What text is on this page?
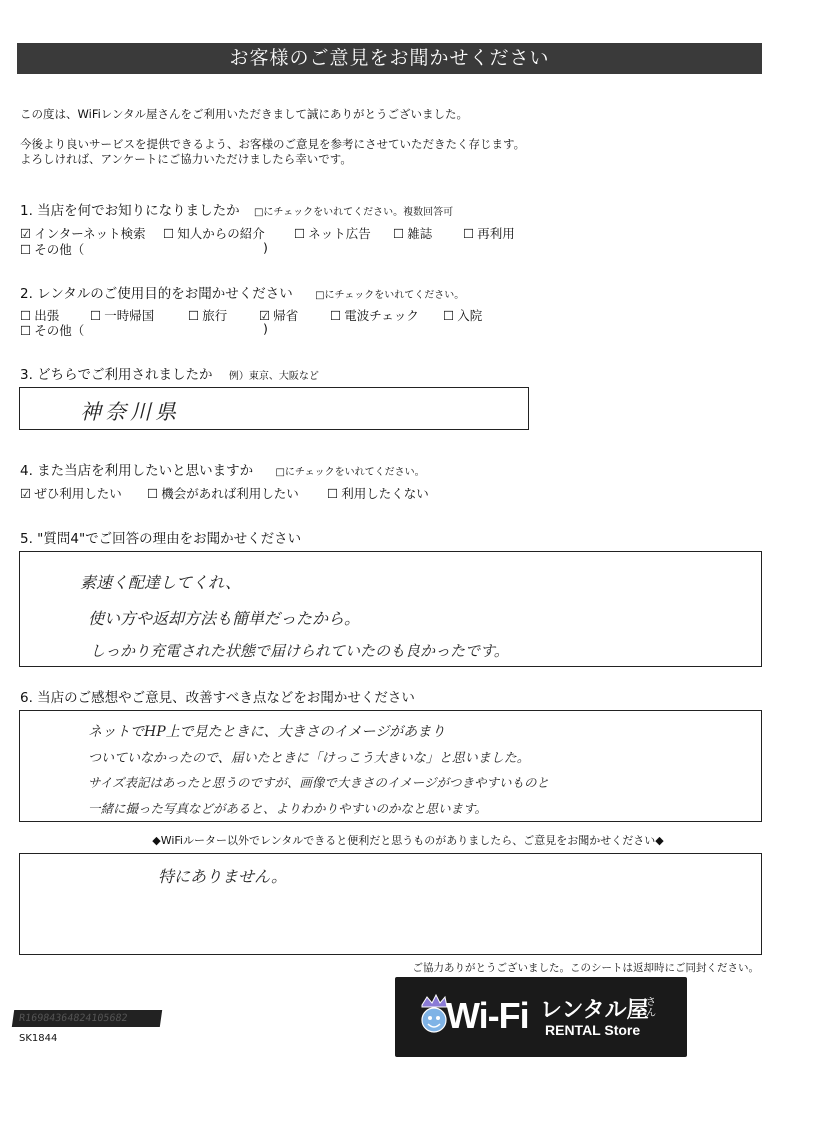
お客様のご意見をお聞かせください
この度は、WiFiレンタル屋さんをご利用いただきまして誠にありがとうございました。
今後より良いサービスを提供できるよう、お客様のご意見を参考にさせていただきたく存じます。
よろしければ、アンケートにご協力いただけましたら幸いです。
1. 当店を何でお知りになりましたか □にチェックをいれてください。複数回答可
☑ インターネット検索	☐ 知人からの紹介	☐ ネット広告	☐ 雑誌	☐ 再利用
☐ その他（	)
2. レンタルのご使用目的をお聞かせください □にチェックをいれてください。
☐ 出張	☐ 一時帰国	☐ 旅行	☑ 帰省	☐ 電波チェック	☐ 入院
☐ その他（	)
3. どちらでご利用されましたか 例）東京、大阪など
神奈川県
4. また当店を利用したいと思いますか □にチェックをいれてください。
☑ ぜひ利用したい	☐ 機会があれば利用したい	☐ 利用したくない
5. "質問4"でご回答の理由をお聞かせください
素速く配達してくれ、
使い方や返却方法も簡単だったから。
しっかり充電された状態で届けられていたのも良かったです。
6. 当店のご感想やご意見、改善すべき点などをお聞かせください
ネットでHP上で見たときに、大きさのイメージがあまり
ついていなかったので、届いたときに「けっこう大きいな」と思いました。
サイズ表記はあったと思うのですが、画像で大きさのイメージがつきやすいものと
一緒に撮った写真などがあると、よりわかりやすいのかなと思います。
◆WiFiルーター以外でレンタルできると便利だと思うものがありましたら、ご意見をお聞かせください◆
特にありません。
ご協力ありがとうございました。このシートは返却時にご同封ください。
R16984364824105682
SK1844
Wi-Fi レンタル屋
さん
RENTAL Store
